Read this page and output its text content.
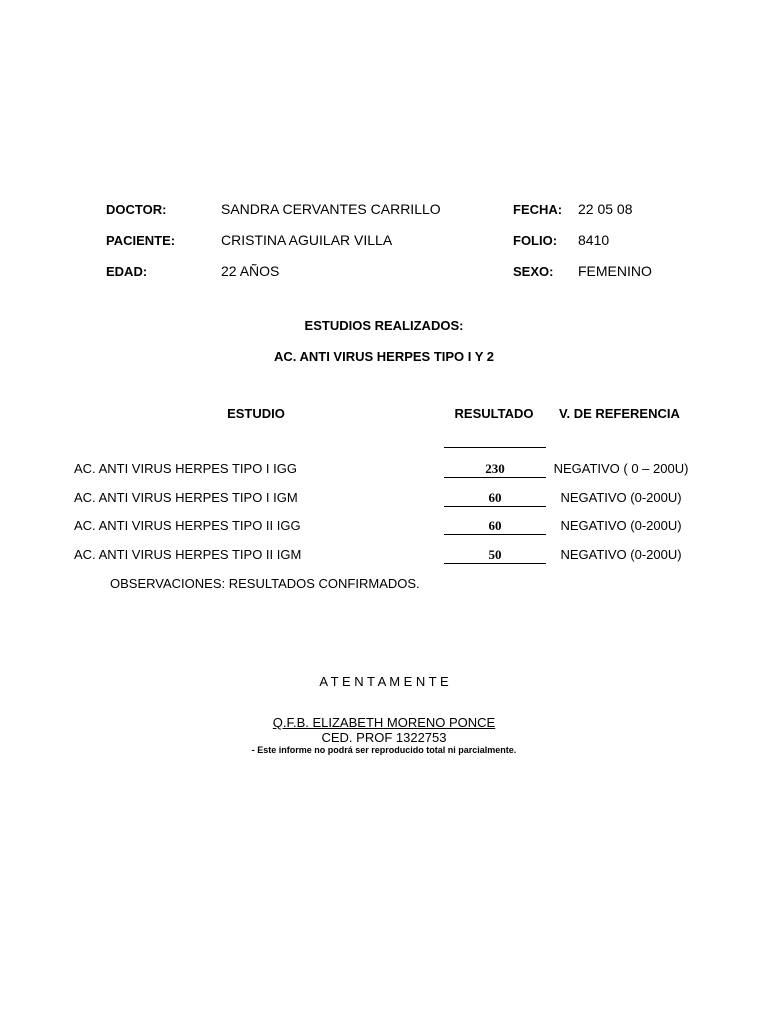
DOCTOR:	SANDRA CERVANTES CARRILLO	FECHA: 22 05 08
PACIENTE:	CRISTINA AGUILAR VILLA	FOLIO: 8410
EDAD:	22 AÑOS	SEXO: FEMENINO
ESTUDIOS REALIZADOS:
AC. ANTI VIRUS HERPES TIPO I Y 2
ESTUDIO	RESULTADO	V. DE REFERENCIA
AC. ANTI VIRUS HERPES TIPO I IGG	230	NEGATIVO ( 0 – 200U)
AC. ANTI VIRUS HERPES TIPO I IGM	60	NEGATIVO (0-200U)
AC. ANTI VIRUS HERPES TIPO II IGG	60	NEGATIVO (0-200U)
AC. ANTI VIRUS HERPES TIPO II IGM	50	NEGATIVO (0-200U)
OBSERVACIONES: RESULTADOS CONFIRMADOS.
A T E N T A M E N T E
Q.F.B. ELIZABETH MORENO PONCE
CED. PROF 1322753
- Este informe no podrá ser reproducido total ni parcialmente.
